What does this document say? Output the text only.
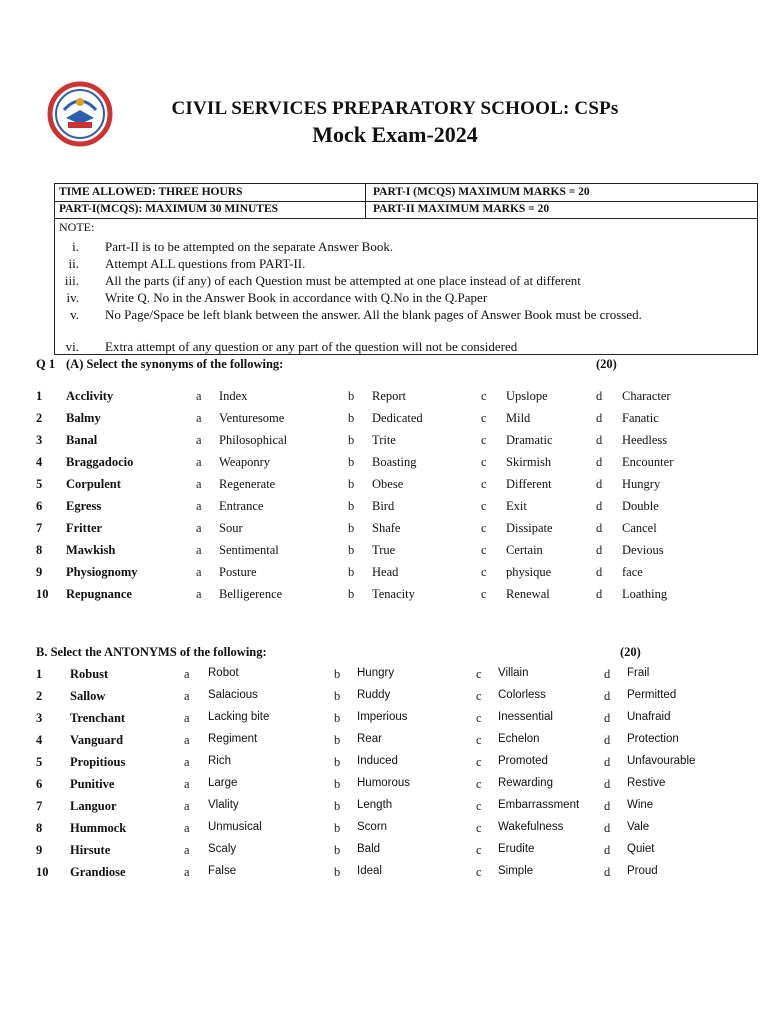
CIVIL SERVICES PREPARATORY SCHOOL: CSPs
Mock Exam-2024
TIME ALLOWED: THREE HOURS	PART-I (MCQS) MAXIMUM MARKS = 20
PART-I(MCQS): MAXIMUM 30 MINUTES	PART-II MAXIMUM MARKS = 20
NOTE:
i. Part-II is to be attempted on the separate Answer Book.
ii. Attempt ALL questions from PART-II.
iii. All the parts (if any) of each Question must be attempted at one place instead of at different
iv. Write Q. No in the Answer Book in accordance with Q.No in the Q.Paper
v. No Page/Space be left blank between the answer. All the blank pages of Answer Book must be crossed.
vi. Extra attempt of any question or any part of the question will not be considered
Q 1 (A) Select the synonyms of the following:	(20)
1 Acclivity	a Index	b Report	c Upslope	d Character
2 Balmy	a Venturesome	b Dedicated	c Mild	d Fanatic
3 Banal	a Philosophical	b Trite	c Dramatic	d Heedless
4 Braggadocio	a Weaponry	b Boasting	c Skirmish	d Encounter
5 Corpulent	a Regenerate	b Obese	c Different	d Hungry
6 Egress	a Entrance	b Bird	c Exit	d Double
7 Fritter	a Sour	b Shafe	c Dissipate	d Cancel
8 Mawkish	a Sentimental	b True	c Certain	d Devious
9 Physiognomy	a Posture	b Head	c physique	d face
10 Repugnance	a Belligerence	b Tenacity	c Renewal	d Loathing
B. Select the ANTONYMS of the following:	(20)
1 Robust	a Robot	b Hungry	c Villain	d Frail
2 Sallow	a Salacious	b Ruddy	c Colorless	d Permitted
3 Trenchant	a Lacking bite	b Imperious	c Inessential	d Unafraid
4 Vanguard	a Regiment	b Rear	c Echelon	d Protection
5 Propitious	a Rich	b Induced	c Promoted	d Unfavourable
6 Punitive	a Large	b Humorous	c Rewarding	d Restive
7 Languor	a Vlality	b Length	c Embarrassment d Wine
8 Hummock	a Unmusical	b Scorn	c Wakefulness	d Vale
9 Hirsute	a Scaly	b Bald	c Erudite	d Quiet
10 Grandiose	a False	b Ideal	c Simple	d Proud
